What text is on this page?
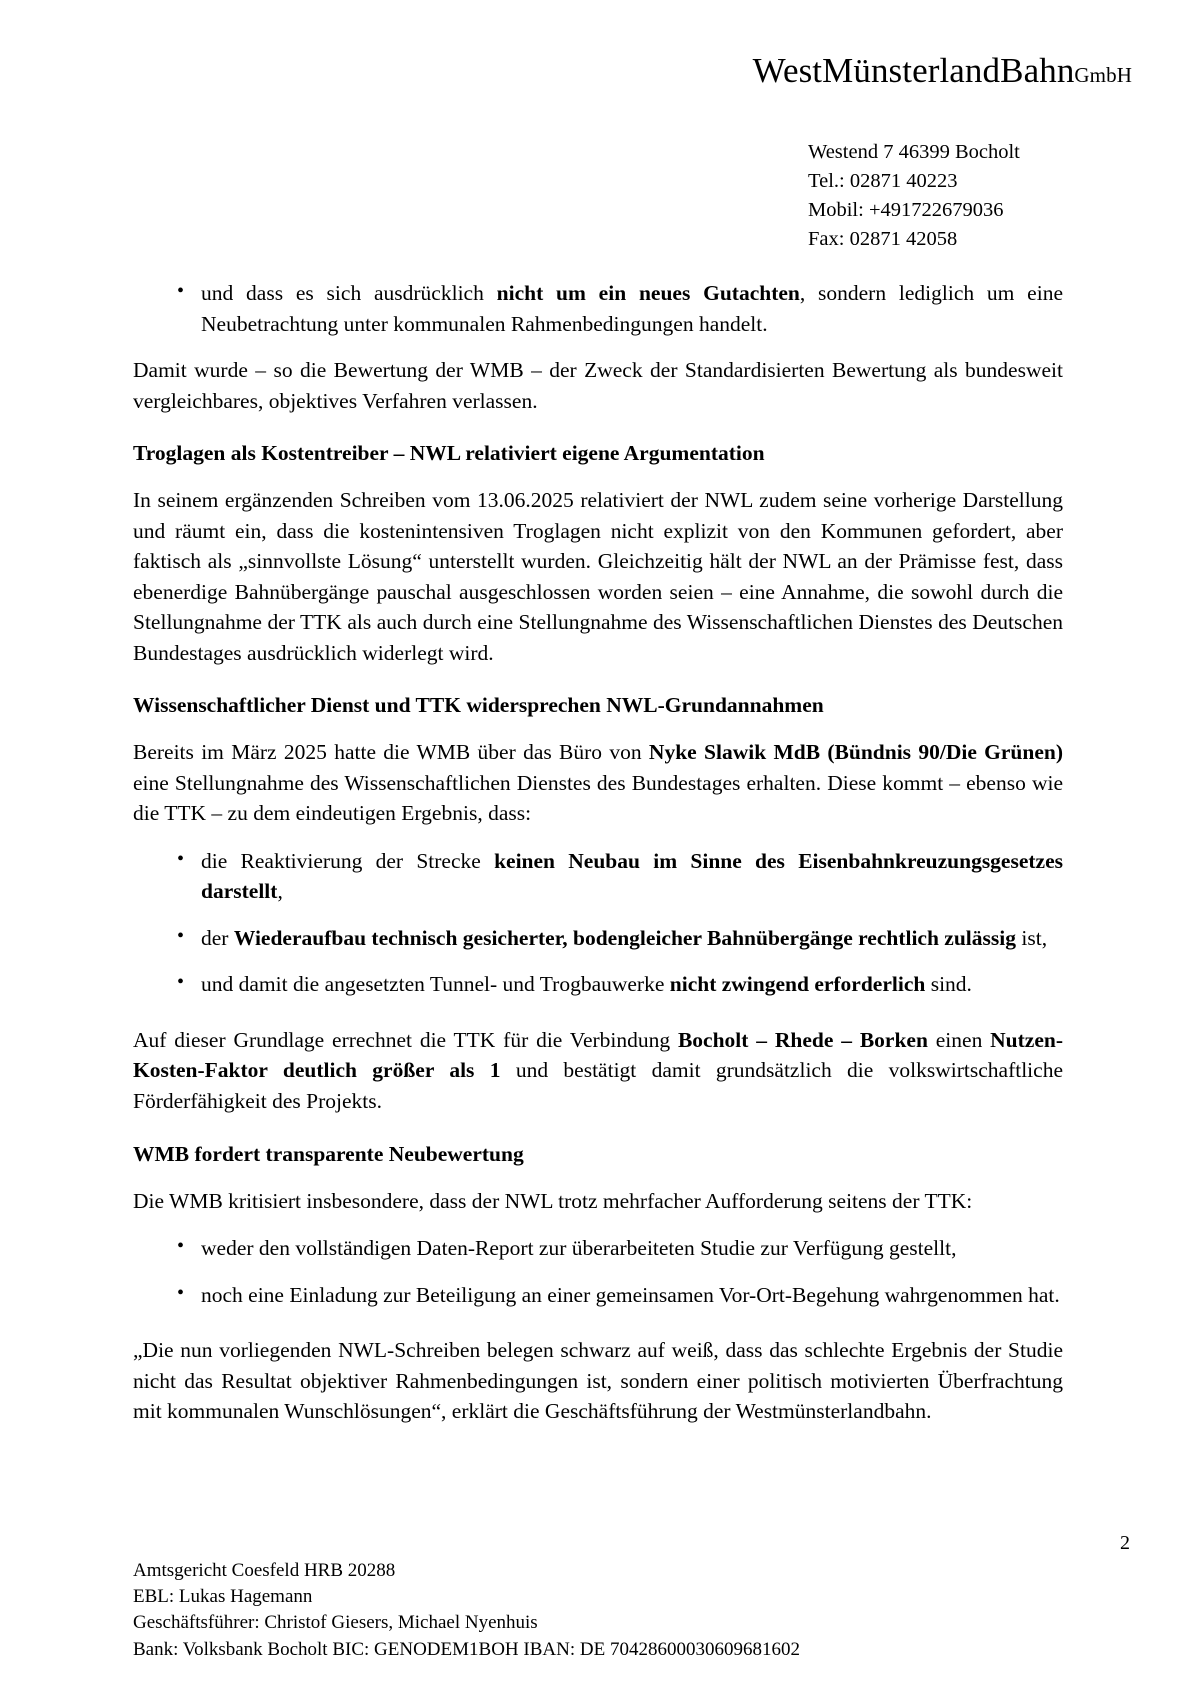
WestMünsterlandBahnGmbH
Westend 7 46399 Bocholt
Tel.: 02871 40223
Mobil: +491722679036
Fax: 02871 42058
• und dass es sich ausdrücklich nicht um ein neues Gutachten, sondern lediglich um eine Neubetrachtung unter kommunalen Rahmenbedingungen handelt.

Damit wurde – so die Bewertung der WMB – der Zweck der Standardisierten Bewertung als bundesweit vergleichbares, objektives Verfahren verlassen.

Troglagen als Kostentreiber – NWL relativiert eigene Argumentation

In seinem ergänzenden Schreiben vom 13.06.2025 relativiert der NWL zudem seine vorherige Darstellung und räumt ein, dass die kostenintensiven Troglagen nicht explizit von den Kommunen gefordert, aber faktisch als „sinnvollste Lösung“ unterstellt wurden. Gleichzeitig hält der NWL an der Prämisse fest, dass ebenerdige Bahnübergänge pauschal ausgeschlossen worden seien – eine Annahme, die sowohl durch die Stellungnahme der TTK als auch durch eine Stellungnahme des Wissenschaftlichen Dienstes des Deutschen Bundestages ausdrücklich widerlegt wird.

Wissenschaftlicher Dienst und TTK widersprechen NWL-Grundannahmen

Bereits im März 2025 hatte die WMB über das Büro von Nyke Slawik MdB (Bündnis 90/Die Grünen) eine Stellungnahme des Wissenschaftlichen Dienstes des Bundestages erhalten. Diese kommt – ebenso wie die TTK – zu dem eindeutigen Ergebnis, dass:

• die Reaktivierung der Strecke keinen Neubau im Sinne des Eisenbahnkreuzungsgesetzes darstellt,
• der Wiederaufbau technisch gesicherter, bodengleicher Bahnübergänge rechtlich zulässig ist,
• und damit die angesetzten Tunnel- und Trogbauwerke nicht zwingend erforderlich sind.

Auf dieser Grundlage errechnet die TTK für die Verbindung Bocholt – Rhede – Borken einen Nutzen-Kosten-Faktor deutlich größer als 1 und bestätigt damit grundsätzlich die volkswirtschaftliche Förderfähigkeit des Projekts.

WMB fordert transparente Neubewertung

Die WMB kritisiert insbesondere, dass der NWL trotz mehrfacher Aufforderung seitens der TTK:

• weder den vollständigen Daten-Report zur überarbeiteten Studie zur Verfügung gestellt,
• noch eine Einladung zur Beteiligung an einer gemeinsamen Vor-Ort-Begehung wahrgenommen hat.

„Die nun vorliegenden NWL-Schreiben belegen schwarz auf weiß, dass das schlechte Ergebnis der Studie nicht das Resultat objektiver Rahmenbedingungen ist, sondern einer politisch motivierten Überfrachtung mit kommunalen Wunschlösungen“, erklärt die Geschäftsführung der Westmünsterlandbahn.

2
Amtsgericht Coesfeld HRB 20288
EBL: Lukas Hagemann
Geschäftsführer: Christof Giesers, Michael Nyenhuis
Bank: Volksbank Bocholt BIC: GENODEM1BOH IBAN: DE 70428600030609681602
